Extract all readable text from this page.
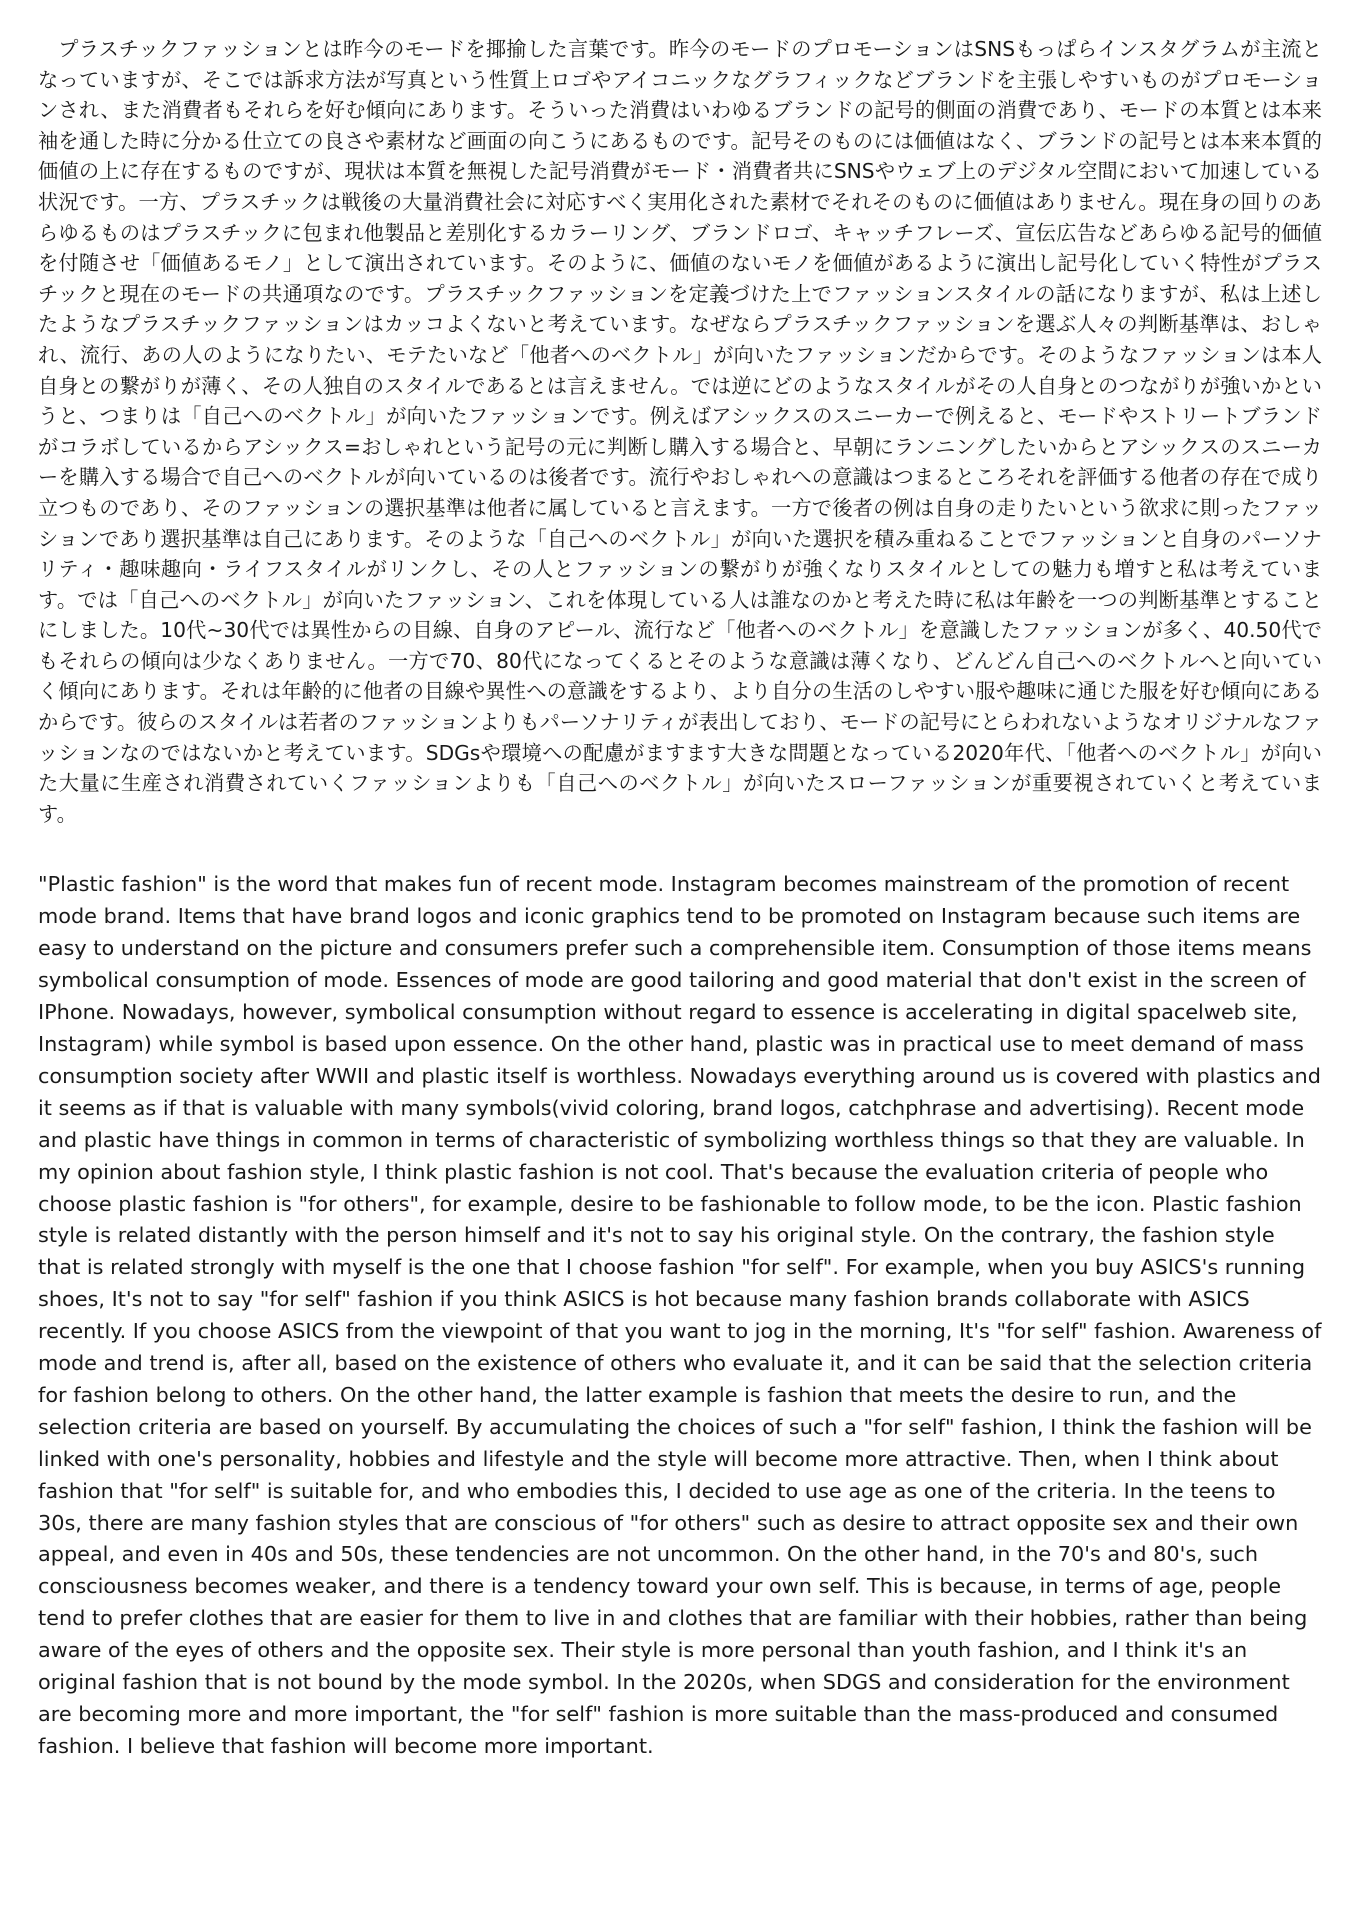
プラスチックファッションとは昨今のモードを揶揄した言葉です。昨今のモードのプロモーションはSNSもっぱらインスタグラムが主流となっていますが、そこでは訴求方法が写真という性質上ロゴやアイコニックなグラフィックなどブランドを主張しやすいものがプロモーションされ、また消費者もそれらを好む傾向にあります。そういった消費はいわゆるブランドの記号的側面の消費であり、モードの本質とは本来袖を通した時に分かる仕立ての良さや素材など画面の向こうにあるものです。記号そのものには価値はなく、ブランドの記号とは本来本質的価値の上に存在するものですが、現状は本質を無視した記号消費がモード・消費者共にSNSやウェブ上のデジタル空間において加速している状況です。一方、プラスチックは戦後の大量消費社会に対応すべく実用化された素材でそれそのものに価値はありません。現在身の回りのあらゆるものはプラスチックに包まれ他製品と差別化するカラーリング、ブランドロゴ、キャッチフレーズ、宣伝広告などあらゆる記号的価値を付随させ「価値あるモノ」として演出されています。そのように、価値のないモノを価値があるように演出し記号化していく特性がプラスチックと現在のモードの共通項なのです。プラスチックファッションを定義づけた上でファッションスタイルの話になりますが、私は上述したようなプラスチックファッションはカッコよくないと考えています。なぜならプラスチックファッションを選ぶ人々の判断基準は、おしゃれ、流行、あの人のようになりたい、モテたいなど「他者へのベクトル」が向いたファッションだからです。そのようなファッションは本人自身との繋がりが薄く、その人独自のスタイルであるとは言えません。では逆にどのようなスタイルがその人自身とのつながりが強いかというと、つまりは「自己へのベクトル」が向いたファッションです。例えばアシックスのスニーカーで例えると、モードやストリートブランドがコラボしているからアシックス=おしゃれという記号の元に判断し購入する場合と、早朝にランニングしたいからとアシックスのスニーカーを購入する場合で自己へのベクトルが向いているのは後者です。流行やおしゃれへの意識はつまるところそれを評価する他者の存在で成り立つものであり、そのファッションの選択基準は他者に属していると言えます。一方で後者の例は自身の走りたいという欲求に則ったファッションであり選択基準は自己にあります。そのような「自己へのベクトル」が向いた選択を積み重ねることでファッションと自身のパーソナリティ・趣味趣向・ライフスタイルがリンクし、その人とファッションの繋がりが強くなりスタイルとしての魅力も増すと私は考えています。では「自己へのベクトル」が向いたファッション、これを体現している人は誰なのかと考えた時に私は年齢を一つの判断基準とすることにしました。10代~30代では異性からの目線、自身のアピール、流行など「他者へのベクトル」を意識したファッションが多く、40.50代でもそれらの傾向は少なくありません。一方で70、80代になってくるとそのような意識は薄くなり、どんどん自己へのベクトルへと向いていく傾向にあります。それは年齢的に他者の目線や異性への意識をするより、より自分の生活のしやすい服や趣味に通じた服を好む傾向にあるからです。彼らのスタイルは若者のファッションよりもパーソナリティが表出しており、モードの記号にとらわれないようなオリジナルなファッションなのではないかと考えています。SDGsや環境への配慮がますます大きな問題となっている2020年代、「他者へのベクトル」が向いた大量に生産され消費されていくファッションよりも「自己へのベクトル」が向いたスローファッションが重要視されていくと考えています。

"Plastic fashion" is the word that makes fun of recent mode. Instagram becomes mainstream of the promotion of recent mode brand. Items that have brand logos and iconic graphics tend to be promoted on Instagram because such items are easy to understand on the picture and consumers prefer such a comprehensible item. Consumption of those items means symbolical consumption of mode. Essences of mode are good tailoring and good material that don't exist in the screen of IPhone. Nowadays, however, symbolical consumption without regard to essence is accelerating in digital spacelweb site, Instagram) while symbol is based upon essence. On the other hand, plastic was in practical use to meet demand of mass consumption society after WWII and plastic itself is worthless. Nowadays everything around us is covered with plastics and it seems as if that is valuable with many symbols(vivid coloring, brand logos, catchphrase and advertising). Recent mode and plastic have things in common in terms of characteristic of symbolizing worthless things so that they are valuable. In my opinion about fashion style, I think plastic fashion is not cool. That's because the evaluation criteria of people who choose plastic fashion is "for others", for example, desire to be fashionable to follow mode, to be the icon. Plastic fashion style is related distantly with the person himself and it's not to say his original style. On the contrary, the fashion style that is related strongly with myself is the one that I choose fashion "for self". For example, when you buy ASICS's running shoes, It's not to say "for self" fashion if you think ASICS is hot because many fashion brands collaborate with ASICS recently. If you choose ASICS from the viewpoint of that you want to jog in the morning, It's "for self" fashion. Awareness of mode and trend is, after all, based on the existence of others who evaluate it, and it can be said that the selection criteria for fashion belong to others. On the other hand, the latter example is fashion that meets the desire to run, and the selection criteria are based on yourself. By accumulating the choices of such a "for self" fashion, I think the fashion will be linked with one's personality, hobbies and lifestyle and the style will become more attractive. Then, when I think about fashion that "for self" is suitable for, and who embodies this, I decided to use age as one of the criteria. In the teens to 30s, there are many fashion styles that are conscious of "for others" such as desire to attract opposite sex and their own appeal, and even in 40s and 50s, these tendencies are not uncommon. On the other hand, in the 70's and 80's, such consciousness becomes weaker, and there is a tendency toward your own self. This is because, in terms of age, people tend to prefer clothes that are easier for them to live in and clothes that are familiar with their hobbies, rather than being aware of the eyes of others and the opposite sex. Their style is more personal than youth fashion, and I think it's an original fashion that is not bound by the mode symbol. In the 2020s, when SDGS and consideration for the environment are becoming more and more important, the "for self" fashion is more suitable than the mass-produced and consumed fashion. I believe that fashion will become more important.
